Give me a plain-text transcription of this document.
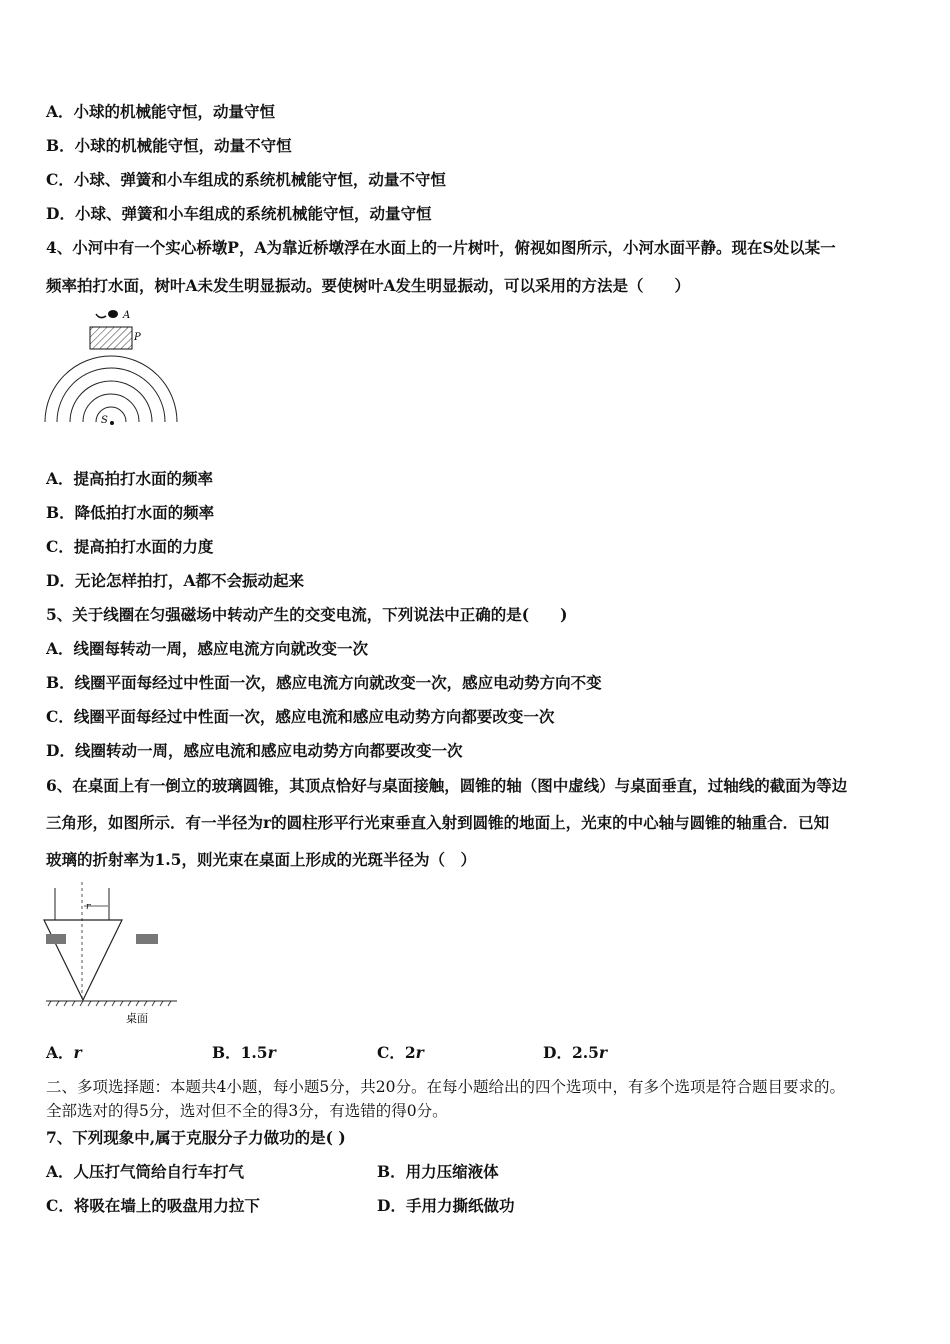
A．小球的机械能守恒，动量守恒
B．小球的机械能守恒，动量不守恒
C．小球、弹簧和小车组成的系统机械能守恒，动量不守恒
D．小球、弹簧和小车组成的系统机械能守恒，动量守恒
4、小河中有一个实心桥墩P，A为靠近桥墩浮在水面上的一片树叶，俯视如图所示，小河水面平静。现在S处以某一
频率拍打水面，树叶A未发生明显振动。要使树叶A发生明显振动，可以采用的方法是（　　）
A
P
S
A．提高拍打水面的频率
B．降低拍打水面的频率
C．提高拍打水面的力度
D．无论怎样拍打，A都不会振动起来
5、关于线圈在匀强磁场中转动产生的交变电流，下列说法中正确的是(　　)
A．线圈每转动一周，感应电流方向就改变一次
B．线圈平面每经过中性面一次，感应电流方向就改变一次，感应电动势方向不变
C．线圈平面每经过中性面一次，感应电流和感应电动势方向都要改变一次
D．线圈转动一周，感应电流和感应电动势方向都要改变一次
6、在桌面上有一倒立的玻璃圆锥，其顶点恰好与桌面接触，圆锥的轴（图中虚线）与桌面垂直，过轴线的截面为等边
三角形，如图所示．有一半径为r的圆柱形平行光束垂直入射到圆锥的地面上，光束的中心轴与圆锥的轴重合．已知
玻璃的折射率为1.5，则光束在桌面上形成的光斑半径为（　）
r
桌面
A．r	B．1.5r	C．2r	D．2.5r
二、多项选择题：本题共4小题，每小题5分，共20分。在每小题给出的四个选项中，有多个选项是符合题目要求的。
全部选对的得5分，选对但不全的得3分，有选错的得0分。
7、下列现象中,属于克服分子力做功的是( )
A．人压打气筒给自行车打气	B．用力压缩液体
C．将吸在墙上的吸盘用力拉下	D．手用力撕纸做功
